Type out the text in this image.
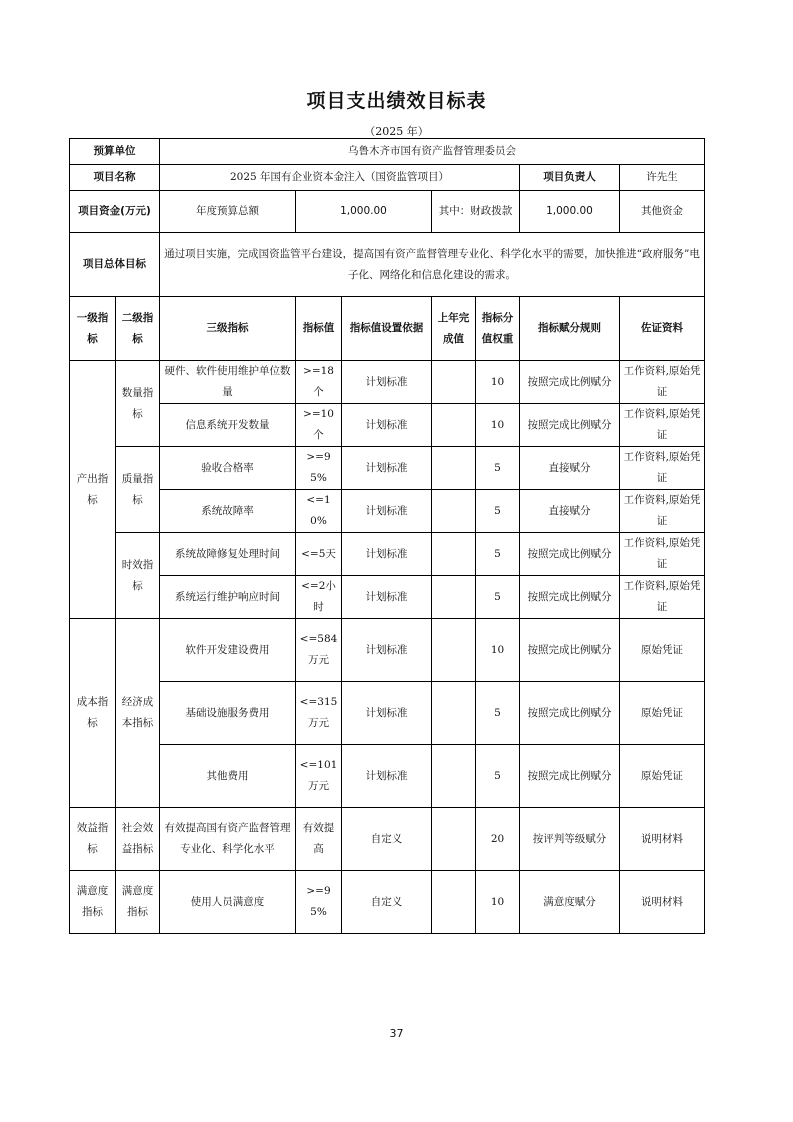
项目支出绩效目标表
（2025 年）
预算单位		乌鲁木齐市国有资产监督管理委员会						
项目名称		2025 年国有企业资本金注入（国资监管项目）					项目负责人	许先生
项目资金(万元)		年度预算总额	1,000.00		其中：财政拨款		1,000.00	其他资金
项目总体目标		通过项目实施，完成国资监管平台建设，提高国有资产监督管理专业化、科学化水平的需要，加快推进“政府服务”电子化、网络化和信息化建设的需求。						
一级指标	二级指标	三级指标	指标值	指标值设置依据	上年完成值	指标分值权重	指标赋分规则	佐证资料
产出指标	数量指标	硬件、软件使用维护单位数量	>=18个	计划标准		10	按照完成比例赋分	工作资料,原始凭证
		信息系统开发数量	>=10个	计划标准		10	按照完成比例赋分	工作资料,原始凭证
	质量指标	验收合格率	>=95%	计划标准		5	直接赋分	工作资料,原始凭证
		系统故障率	<=10%	计划标准		5	直接赋分	工作资料,原始凭证
	时效指标	系统故障修复处理时间	<=5天	计划标准		5	按照完成比例赋分	工作资料,原始凭证
		系统运行维护响应时间	<=2小时	计划标准		5	按照完成比例赋分	工作资料,原始凭证
成本指标	经济成本指标	软件开发建设费用	<=584万元	计划标准		10	按照完成比例赋分	原始凭证
		基础设施服务费用	<=315万元	计划标准		5	按照完成比例赋分	原始凭证
		其他费用	<=101万元	计划标准		5	按照完成比例赋分	原始凭证
效益指标	社会效益指标	有效提高国有资产监督管理专业化、科学化水平	有效提高	自定义		20	按评判等级赋分	说明材料
满意度指标	满意度指标	使用人员满意度	>=95%	自定义		10	满意度赋分	说明材料
37
